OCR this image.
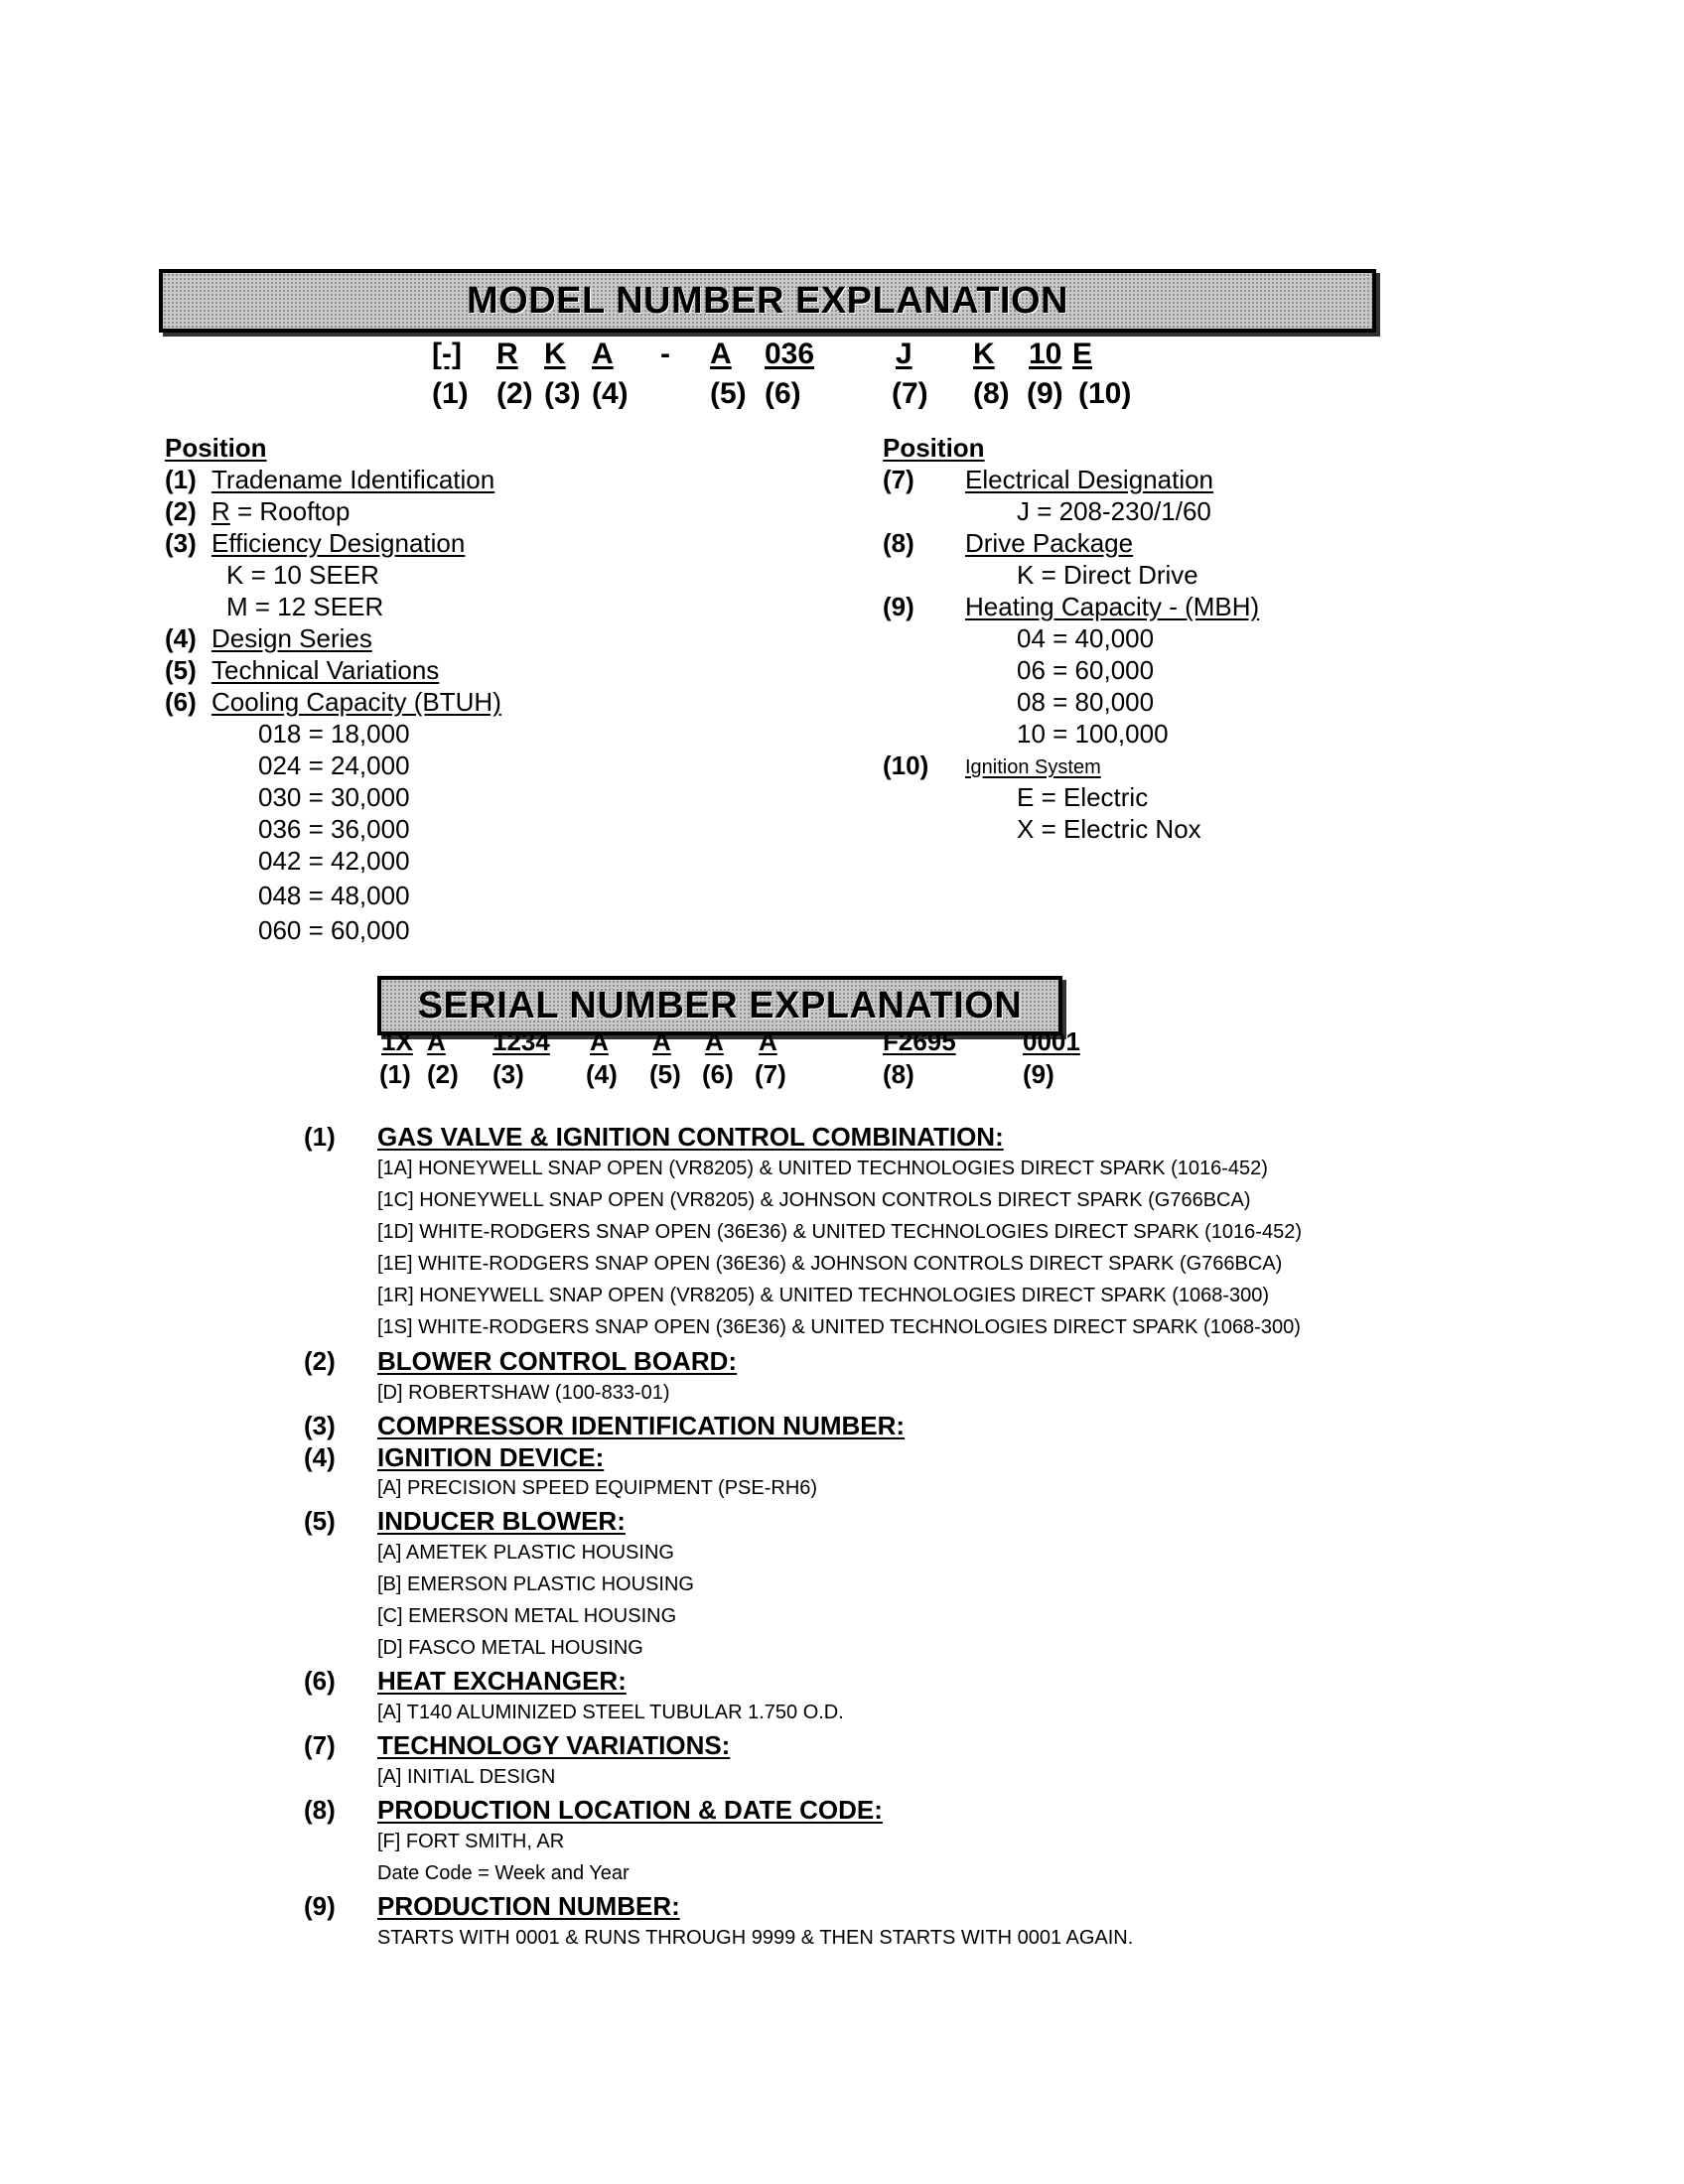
MODEL NUMBER EXPLANATION
[-] R K A - A 036	J K 10 E
(1) (2) (3) (4)	(5) (6)	(7) (8) (9) (10)
Position
(1) Tradename Identification
(2) R = Rooftop
(3) Efficiency Designation
K = 10 SEER
M = 12 SEER
(4) Design Series
(5) Technical Variations
(6) Cooling Capacity (BTUH)
018 = 18,000
024 = 24,000
030 = 30,000
036 = 36,000
042 = 42,000
048 = 48,000
060 = 60,000
Position
(7) Electrical Designation
J = 208-230/1/60
(8) Drive Package
K = Direct Drive
(9) Heating Capacity - (MBH)
04 = 40,000
06 = 60,000
08 = 80,000
10 = 100,000
(10) Ignition System
E = Electric
X = Electric Nox
SERIAL NUMBER EXPLANATION
1X A 1234 A A A A	F2695	0001
(1) (2) (3) (4) (5) (6) (7)	(8)	(9)
(1) GAS VALVE & IGNITION CONTROL COMBINATION:
[1A] HONEYWELL SNAP OPEN (VR8205) & UNITED TECHNOLOGIES DIRECT SPARK (1016-452)
[1C] HONEYWELL SNAP OPEN (VR8205) & JOHNSON CONTROLS DIRECT SPARK (G766BCA)
[1D] WHITE-RODGERS SNAP OPEN (36E36) & UNITED TECHNOLOGIES DIRECT SPARK (1016-452)
[1E] WHITE-RODGERS SNAP OPEN (36E36) & JOHNSON CONTROLS DIRECT SPARK (G766BCA)
[1R] HONEYWELL SNAP OPEN (VR8205) & UNITED TECHNOLOGIES DIRECT SPARK (1068-300)
[1S] WHITE-RODGERS SNAP OPEN (36E36) & UNITED TECHNOLOGIES DIRECT SPARK (1068-300)
(2) BLOWER CONTROL BOARD:
[D] ROBERTSHAW (100-833-01)
(3) COMPRESSOR IDENTIFICATION NUMBER:
(4) IGNITION DEVICE:
[A] PRECISION SPEED EQUIPMENT (PSE-RH6)
(5) INDUCER BLOWER:
[A] AMETEK PLASTIC HOUSING
[B] EMERSON PLASTIC HOUSING
[C] EMERSON METAL HOUSING
[D] FASCO METAL HOUSING
(6) HEAT EXCHANGER:
[A] T140 ALUMINIZED STEEL TUBULAR 1.750 O.D.
(7) TECHNOLOGY VARIATIONS:
[A] INITIAL DESIGN
(8) PRODUCTION LOCATION & DATE CODE:
[F] FORT SMITH, AR
Date Code = Week and Year
(9) PRODUCTION NUMBER:
STARTS WITH 0001 & RUNS THROUGH 9999 & THEN STARTS WITH 0001 AGAIN.
